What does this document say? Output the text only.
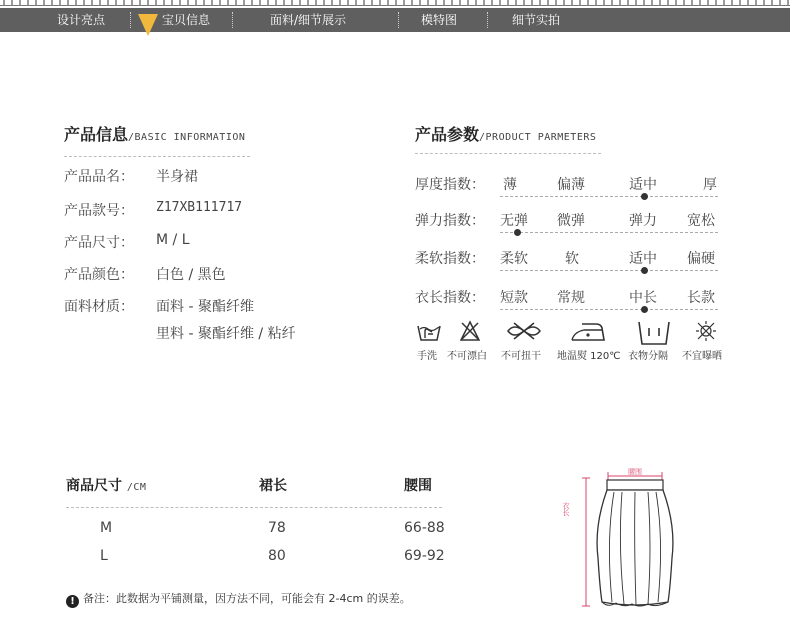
设计亮点	宝贝信息	面料/细节展示	模特图	细节实拍
产品信息/BASIC INFORMATION
产品品名： 半身裙
产品款号： Z17XB111717
产品尺寸： M / L
产品颜色： 白色 / 黑色
面料材质： 面料 - 聚酯纤维
里料 - 聚酯纤维 / 粘纤
产品参数/PRODUCT PARMETERS
厚度指数： 薄	偏薄	适中	厚
弹力指数： 无弹 微弹	弹力 宽松
柔软指数： 柔软	软	适中 偏硬
衣长指数： 短款 常规	中长 长款
手洗 不可漂白 不可扭干 地温熨 120℃ 衣物分隔 不宜曝晒
商品尺寸 /CM	裙长	腰围
M	78	66-88
L	80	69-92
! 备注：此数据为平铺测量，因方法不同，可能会有 2-4cm 的误差。
腰围
衣长
